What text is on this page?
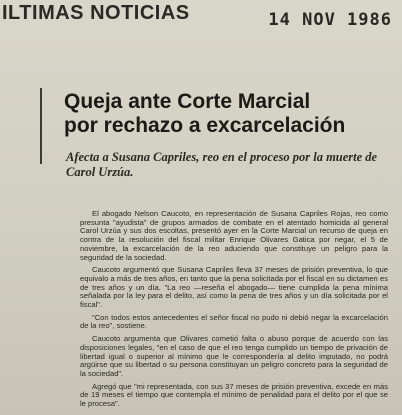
ILTIMAS NOTICIAS	14 NOV 1986
Queja ante Corte Marcial
por rechazo a excarcelación

Afecta a Susana Capriles, reo en el proceso por la muerte de Carol Urzúa.

El abogado Nelson Caucoto, en representación de Susana Capriles Rojas, reo como presunta "ayudista" de grupos armados de combate en el atentado homicida al general Carol Urzúa y sus dos escoltas, presentó ayer en la Corte Marcial un recurso de queja en contra de la resolución del fiscal militar Enrique Olivares Gatica por negar, el 5 de noviembre, la excarcelación de la reo aduciendo que constituye un peligro para la seguridad de la sociedad.

Caucoto argumentó que Susana Capriles lleva 37 meses de prisión preventiva, lo que equivalo a más de tres años, en tanto que la pena solicitada por el fiscal en su dictamen es de tres años y un día. "La reo —reseña el abogado— tiene cumplida la pena mínima señalada por la ley para el delito, así como la pena de tres años y un día solicitada por el fiscal".

"Con todos estos antecedentes el señor fiscal no pudo ni debió negar la excarcelación de la reo", sostiene.

Caucoto argumenta que Olivares cometió falta o abuso porque de acuerdo con las disposiciones legales, "en el caso de que el reo tenga cumplido un tiempo de privación de libertad igual o superior al mínimo que le correspondería al delito imputado, no podrá argüirse que su libertad o su persona constituyan un peligro concreto para la seguridad de la sociedad".

Agregó que "mi representada, con sus 37 meses de prisión preventiva, excede en más de 19 meses el tiempo que contempla el mínimo de penalidad para el delito por el que se le procesa".
